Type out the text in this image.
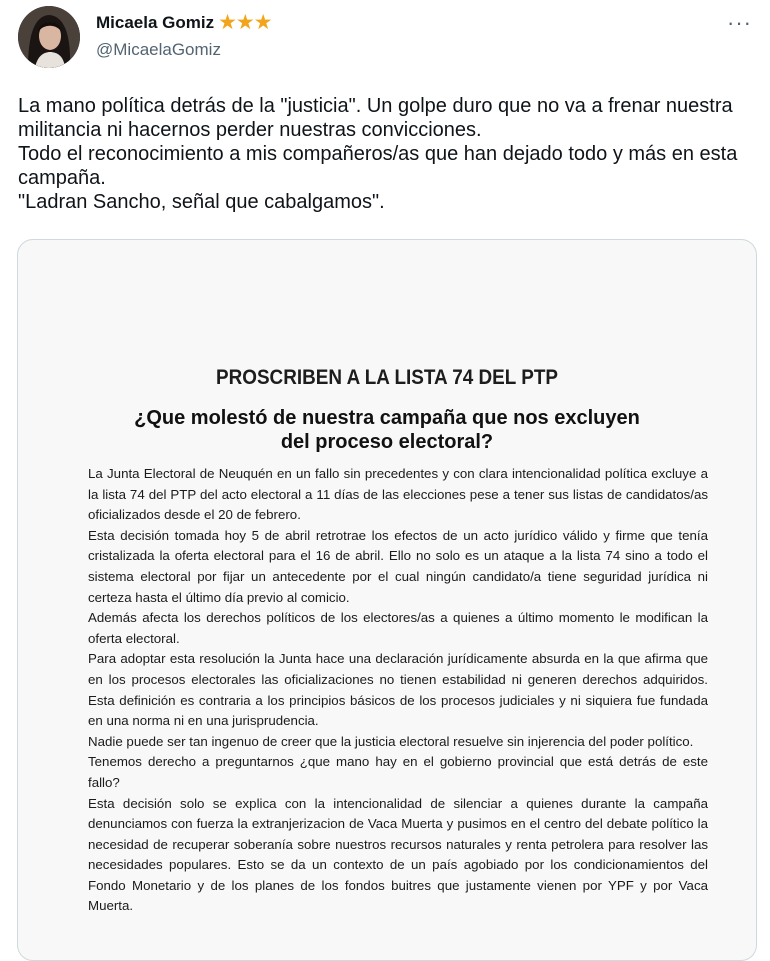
Micaela Gomiz ★★★
@MicaelaGomiz
···

La mano política detrás de la "justicia". Un golpe duro que no va a frenar nuestra militancia ni hacernos perder nuestras convicciones.

Todo el reconocimiento a mis compañeros/as que han dejado todo y más en esta campaña.

"Ladran Sancho, señal que cabalgamos".

PROSCRIBEN A LA LISTA 74 DEL PTP
¿Que molestó de nuestra campaña que nos excluyen
del proceso electoral?

La Junta Electoral de Neuquén en un fallo sin precedentes y con clara intencionalidad política excluye a la lista 74 del PTP del acto electoral a 11 días de las elecciones pese a tener sus listas de candidatos/as oficializados desde el 20 de febrero.

Esta decisión tomada hoy 5 de abril retrotrae los efectos de un acto jurídico válido y firme que tenía cristalizada la oferta electoral para el 16 de abril. Ello no solo es un ataque a la lista 74 sino a todo el sistema electoral por fijar un antecedente por el cual ningún candidato/a tiene seguridad jurídica ni certeza hasta el último día previo al comicio.

Además afecta los derechos políticos de los electores/as a quienes a último momento le modifican la oferta electoral.

Para adoptar esta resolución la Junta hace una declaración jurídicamente absurda en la que afirma que en los procesos electorales las oficializaciones no tienen estabilidad ni generen derechos adquiridos. Esta definición es contraria a los principios básicos de los procesos judiciales y ni siquiera fue fundada en una norma ni en una jurisprudencia.

Nadie puede ser tan ingenuo de creer que la justicia electoral resuelve sin injerencia del poder político.

Tenemos derecho a preguntarnos ¿que mano hay en el gobierno provincial que está detrás de este fallo?

Esta decisión solo se explica con la intencionalidad de silenciar a quienes durante la campaña denunciamos con fuerza la extranjerizacion de Vaca Muerta y pusimos en el centro del debate político la necesidad de recuperar soberanía sobre nuestros recursos naturales y renta petrolera para resolver las necesidades populares. Esto se da un contexto de un país agobiado por los condicionamientos del Fondo Monetario y de los planes de los fondos buitres que justamente vienen por YPF y por Vaca Muerta.
